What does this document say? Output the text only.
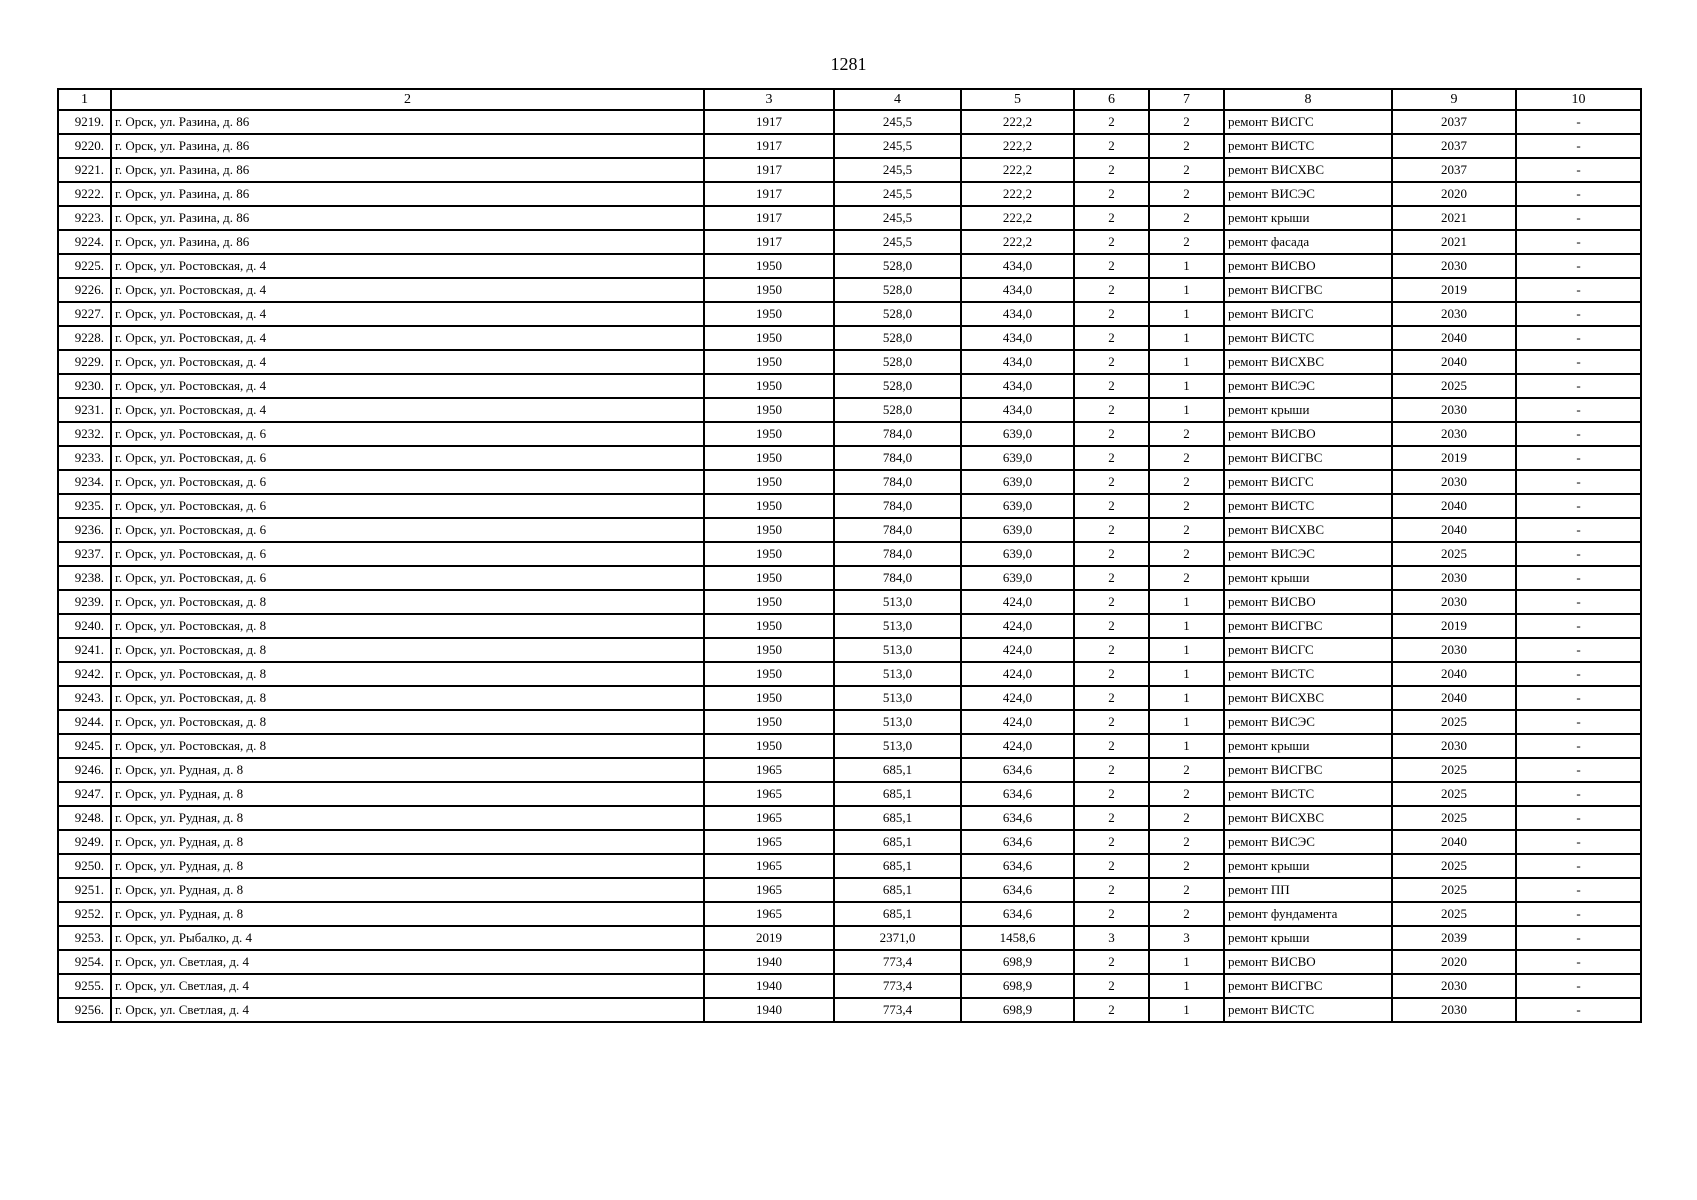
1281
1	2	3	4	5	6	7	8	9	10
9219.	г. Орск, ул. Разина, д. 86	1917	245,5	222,2	2	2	ремонт ВИСГС	2037	-
9220.	г. Орск, ул. Разина, д. 86	1917	245,5	222,2	2	2	ремонт ВИСТС	2037	-
9221.	г. Орск, ул. Разина, д. 86	1917	245,5	222,2	2	2	ремонт ВИСХВС	2037	-
9222.	г. Орск, ул. Разина, д. 86	1917	245,5	222,2	2	2	ремонт ВИСЭС	2020	-
9223.	г. Орск, ул. Разина, д. 86	1917	245,5	222,2	2	2	ремонт крыши	2021	-
9224.	г. Орск, ул. Разина, д. 86	1917	245,5	222,2	2	2	ремонт фасада	2021	-
9225.	г. Орск, ул. Ростовская, д. 4	1950	528,0	434,0	2	1	ремонт ВИСВО	2030	-
9226.	г. Орск, ул. Ростовская, д. 4	1950	528,0	434,0	2	1	ремонт ВИСГВС	2019	-
9227.	г. Орск, ул. Ростовская, д. 4	1950	528,0	434,0	2	1	ремонт ВИСГС	2030	-
9228.	г. Орск, ул. Ростовская, д. 4	1950	528,0	434,0	2	1	ремонт ВИСТС	2040	-
9229.	г. Орск, ул. Ростовская, д. 4	1950	528,0	434,0	2	1	ремонт ВИСХВС	2040	-
9230.	г. Орск, ул. Ростовская, д. 4	1950	528,0	434,0	2	1	ремонт ВИСЭС	2025	-
9231.	г. Орск, ул. Ростовская, д. 4	1950	528,0	434,0	2	1	ремонт крыши	2030	-
9232.	г. Орск, ул. Ростовская, д. 6	1950	784,0	639,0	2	2	ремонт ВИСВО	2030	-
9233.	г. Орск, ул. Ростовская, д. 6	1950	784,0	639,0	2	2	ремонт ВИСГВС	2019	-
9234.	г. Орск, ул. Ростовская, д. 6	1950	784,0	639,0	2	2	ремонт ВИСГС	2030	-
9235.	г. Орск, ул. Ростовская, д. 6	1950	784,0	639,0	2	2	ремонт ВИСТС	2040	-
9236.	г. Орск, ул. Ростовская, д. 6	1950	784,0	639,0	2	2	ремонт ВИСХВС	2040	-
9237.	г. Орск, ул. Ростовская, д. 6	1950	784,0	639,0	2	2	ремонт ВИСЭС	2025	-
9238.	г. Орск, ул. Ростовская, д. 6	1950	784,0	639,0	2	2	ремонт крыши	2030	-
9239.	г. Орск, ул. Ростовская, д. 8	1950	513,0	424,0	2	1	ремонт ВИСВО	2030	-
9240.	г. Орск, ул. Ростовская, д. 8	1950	513,0	424,0	2	1	ремонт ВИСГВС	2019	-
9241.	г. Орск, ул. Ростовская, д. 8	1950	513,0	424,0	2	1	ремонт ВИСГС	2030	-
9242.	г. Орск, ул. Ростовская, д. 8	1950	513,0	424,0	2	1	ремонт ВИСТС	2040	-
9243.	г. Орск, ул. Ростовская, д. 8	1950	513,0	424,0	2	1	ремонт ВИСХВС	2040	-
9244.	г. Орск, ул. Ростовская, д. 8	1950	513,0	424,0	2	1	ремонт ВИСЭС	2025	-
9245.	г. Орск, ул. Ростовская, д. 8	1950	513,0	424,0	2	1	ремонт крыши	2030	-
9246.	г. Орск, ул. Рудная, д. 8	1965	685,1	634,6	2	2	ремонт ВИСГВС	2025	-
9247.	г. Орск, ул. Рудная, д. 8	1965	685,1	634,6	2	2	ремонт ВИСТС	2025	-
9248.	г. Орск, ул. Рудная, д. 8	1965	685,1	634,6	2	2	ремонт ВИСХВС	2025	-
9249.	г. Орск, ул. Рудная, д. 8	1965	685,1	634,6	2	2	ремонт ВИСЭС	2040	-
9250.	г. Орск, ул. Рудная, д. 8	1965	685,1	634,6	2	2	ремонт крыши	2025	-
9251.	г. Орск, ул. Рудная, д. 8	1965	685,1	634,6	2	2	ремонт ПП	2025	-
9252.	г. Орск, ул. Рудная, д. 8	1965	685,1	634,6	2	2	ремонт фундамента	2025	-
9253.	г. Орск, ул. Рыбалко, д. 4	2019	2371,0	1458,6	3	3	ремонт крыши	2039	-
9254.	г. Орск, ул. Светлая, д. 4	1940	773,4	698,9	2	1	ремонт ВИСВО	2020	-
9255.	г. Орск, ул. Светлая, д. 4	1940	773,4	698,9	2	1	ремонт ВИСГВС	2030	-
9256.	г. Орск, ул. Светлая, д. 4	1940	773,4	698,9	2	1	ремонт ВИСТС	2030	-
